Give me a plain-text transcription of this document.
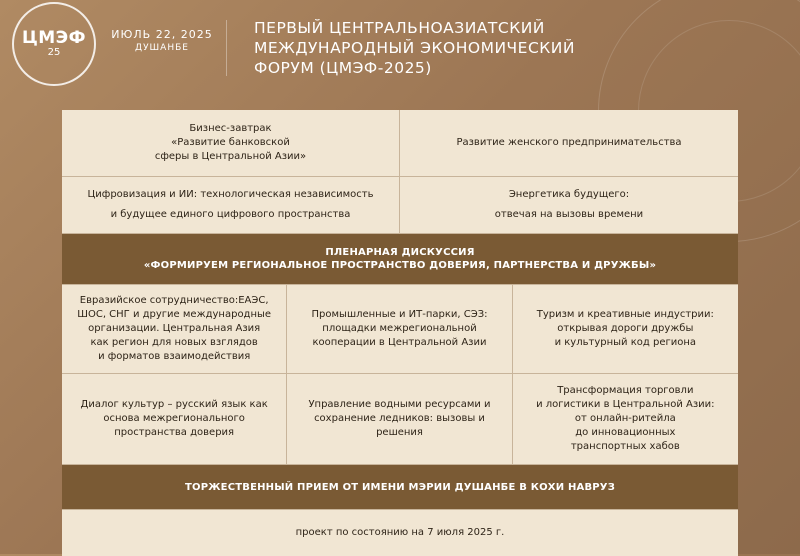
ЦМЭФ
25
ИЮЛЬ 22, 2025
ДУШАНБЕ
ПЕРВЫЙ ЦЕНТРАЛЬНОАЗИАТСКИЙ
МЕЖДУНАРОДНЫЙ ЭКОНОМИЧЕСКИЙ
ФОРУМ (ЦМЭФ-2025)
Бизнес-завтрак
«Развитие банковской
сферы в Центральной Азии»
Развитие женского предпринимательства
Цифровизация и ИИ: технологическая независимость
и будущее единого цифрового пространства
Энергетика будущего:
отвечая на вызовы времени
ПЛЕНАРНАЯ ДИСКУССИЯ
«ФОРМИРУЕМ РЕГИОНАЛЬНОЕ ПРОСТРАНСТВО ДОВЕРИЯ, ПАРТНЕРСТВА И ДРУЖБЫ»
Евразийское сотрудничество:ЕАЭС,
ШОС, СНГ и другие международные
организации. Центральная Азия
как регион для новых взглядов
и форматов взаимодействия
Промышленные и ИТ-парки, СЭЗ:
площадки межрегиональной
кооперации в Центральной Азии
Туризм и креативные индустрии:
открывая дороги дружбы
и культурный код региона
Диалог культур – русский язык как
основа межрегионального
пространства доверия
Управление водными ресурсами и
сохранение ледников: вызовы и
решения
Трансформация торговли
и логистики в Центральной Азии:
от онлайн-ритейла
до инновационных
транспортных хабов
ТОРЖЕСТВЕННЫЙ ПРИЕМ ОТ ИМЕНИ МЭРИИ ДУШАНБЕ В КОХИ НАВРУЗ
проект по состоянию на 7 июля 2025 г.
